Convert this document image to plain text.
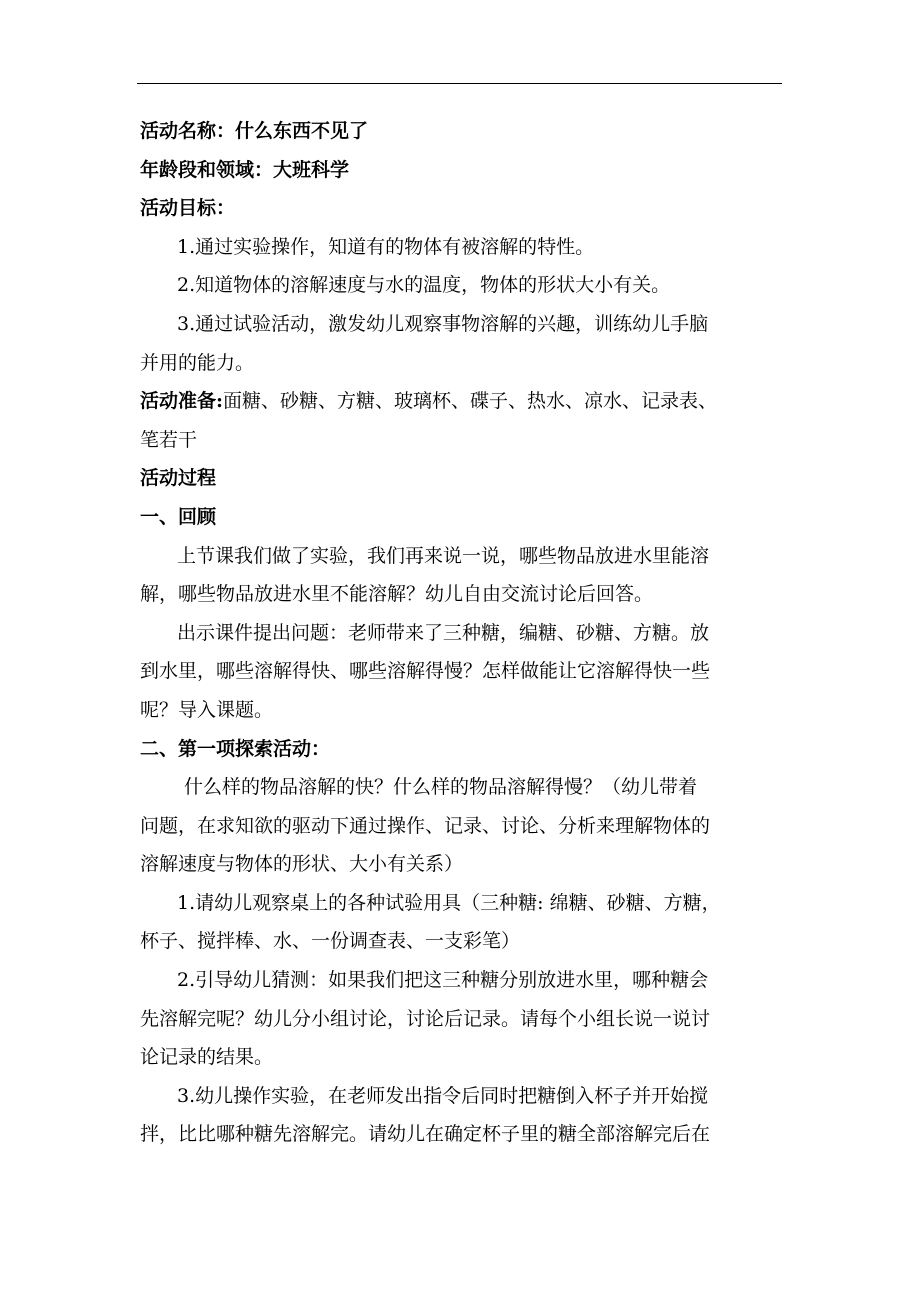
活动名称：什么东西不见了
年龄段和领域：大班科学
活动目标：
1.通过实验操作，知道有的物体有被溶解的特性。
2.知道物体的溶解速度与水的温度，物体的形状大小有关。
3.通过试验活动，激发幼儿观察事物溶解的兴趣，训练幼儿手脑
并用的能力。
活动准备:面糖、砂糖、方糖、玻璃杯、碟子、热水、凉水、记录表、
笔若干
活动过程
一、回顾
上节课我们做了实验，我们再来说一说，哪些物品放进水里能溶
解，哪些物品放进水里不能溶解？幼儿自由交流讨论后回答。
出示课件提出问题：老师带来了三种糖，编糖、砂糖、方糖。放
到水里，哪些溶解得快、哪些溶解得慢？怎样做能让它溶解得快一些
呢？导入课题。
二、第一项探索活动：
什么样的物品溶解的快？什么样的物品溶解得慢？（幼儿带着
问题，在求知欲的驱动下通过操作、记录、讨论、分析来理解物体的
溶解速度与物体的形状、大小有关系）
1.请幼儿观察桌上的各种试验用具（三种糖: 绵糖、砂糖、方糖，
杯子、搅拌棒、水、一份调查表、一支彩笔）
2.引导幼儿猜测：如果我们把这三种糖分别放进水里，哪种糖会
先溶解完呢？幼儿分小组讨论，讨论后记录。请每个小组长说一说讨
论记录的结果。
3.幼儿操作实验，在老师发出指令后同时把糖倒入杯子并开始搅
拌，比比哪种糖先溶解完。请幼儿在确定杯子里的糖全部溶解完后在
